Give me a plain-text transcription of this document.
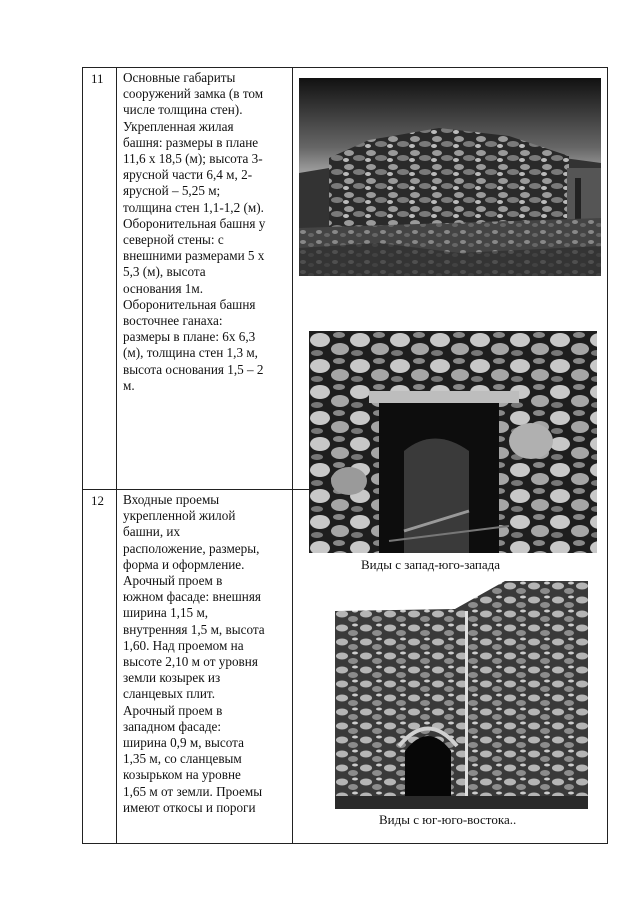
11 Основные габариты
сооружений замка (в том
числе толщина стен).
Укрепленная жилая
башня: размеры в плане
11,6 х 18,5 (м); высота 3-
ярусной части 6,4 м, 2-
ярусной – 5,25 м;
толщина стен 1,1-1,2 (м).
Оборонительная башня у
северной стены: с
внешними размерами 5 х
5,3 (м), высота
основания 1м.
Оборонительная башня
восточнее ганаха:
размеры в плане: 6х 6,3
(м), толщина стен 1,3 м,
высота основания 1,5 – 2
м.
12 Входные проемы
укрепленной жилой
башни, их
расположение, размеры,
форма и оформление.
Арочный проем в
южном фасаде: внешняя
ширина 1,15 м,
внутренняя 1,5 м, высота
1,60. Над проемом на
высоте 2,10 м от уровня
земли козырек из
сланцевых плит.
Арочный проем в
западном фасаде:
ширина 0,9 м, высота
1,35 м, со сланцевым
козырьком на уровне
1,65 м от земли. Проемы
имеют откосы и пороги
Виды с запад-юго-запада
Виды с юг-юго-востока..
